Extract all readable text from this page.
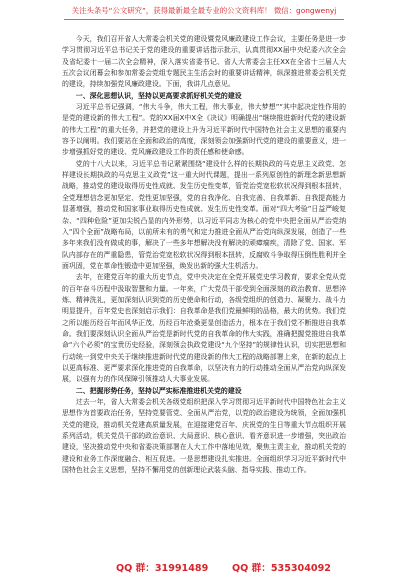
关注头条号“公文研究”，获得最新最全最专业的公文资料库！ 微信：gongwenyj

今天，我们召开省人大常委会机关党的建设暨党风廉政建设工作会议，主要任务是进一步学习贯彻习近平总书记关于党的建设的重要讲话指示批示，认真贯彻XX届中央纪委六次全会及省纪委十一届二次全会精神，深入落实省委书记、省人大常委会主任XX在全省十三届人大五次会议闭幕会和参加常委会党组专题民主生活会时的重要讲话精神，纵深推进常委会机关党的建设，持续加强党风廉政建设。下面，我讲几点意见。

一、深化思想认识，坚持以更高要求抓好机关党的建设

习近平总书记强调，“伟大斗争，伟大工程，伟大事业，伟大梦想”“其中起决定性作用的是党的建设新的伟大工程”。党的XX届X中X全《决议》明确提出“继续推进新时代党的建设新的伟大工程”的重大任务，并把党的建设上升为习近平新时代中国特色社会主义思想的重要内容予以阐明。我们要站在全面和政治的高度，深刻领会加强新时代党的建设的重要意义，进一步增强抓好党的建设、党风廉政建设工作的责任感和使命感。

党的十八大以来，习近平总书记紧紧围绕“建设什么样的长期执政的马克思主义政党、怎样建设长期执政的马克思主义政党”这一重大时代课题，提出一系列原创性的新理念新思想新战略，推动党的建设取得历史性成就、发生历史性变革，管党治党宽松软状况得到根本扭转，全党理想信念更加坚定、党性更加坚强，党的自我净化、自我完善、自我革新、自我提高能力显著增强，推动党和国家事业取得历史性成就、发生历史性变革。面对“四大考验”日益严峻复杂、“四种危险”更加尖锐凸显的内外形势，以习近平同志为核心的党中央把全面从严治党纳入“四个全面”战略布局，以前所未有的勇气和定力推进全面从严治党向纵深发展，创造了一些多年来我们没有做成的事，解决了一些多年想解决没有解决的顽瘴痼疾，清除了党、国家、军队内部存在的严重隐患，管党治党宽松软状况得到根本扭转，反腐败斗争取得压倒性胜利并全面巩固，党在革命性锻造中更加坚强，焕发出新的强大生机活力。

去年，在建党百年的重大历史节点，党中央决定在全党开展党史学习教育，要求全党从党的百年奋斗历程中汲取智慧和力量。一年来，广大党员干部受到全面深刻的政治教育、思想淬炼、精神洗礼，更加深刻认识到党的历史使命和行动，各级党组织的创造力、凝聚力、战斗力明显提升，百年党史也深刻启示我们：自我革命是我们党最鲜明的品格，最大的优势。我们党之所以能历经百年而风华正茂、历经百年沧桑更显创造活力，根本在于我们党不断推进自我革命。我们要深刻认识全面从严治党是新时代党的自我革命的伟大实践，准确把握党推进自我革命“六个必须”的宝贵历史经验，深刻领会执政党建设“九个坚持”的规律性认识，切实把思想和行动统一到党中央关于继续推进新时代党的建设新的伟大工程的战略部署上来，在新的起点上以更高标准、更严要求深化推进党的自我革命，以坚决有力的行动推动全面从严治党向纵深发展，以强有力的作风保障引领推动人大事业发展。

二、把握形势任务，坚持以严实标准推进机关党的建设

过去一年，省人大常委会机关各级党组织把深入学习贯彻习近平新时代中国特色社会主义思想作为首要政治任务，坚持党要管党、全面从严治党，以党的政治建设为统领，全面加强机关党的建设，推动机关党建高质量发展，在迎接建党百年、庆祝党的生日等重大节点组织开展系列活动，机关党员干部的政治意识、大局意识、核心意识、看齐意识进一步增强，突出政治建设，坚决推动党中央和省委决策部署在人大工作中落地见效，聚焦主责主业，推动机关党的建设和业务工作深度融合、相互促进。一是思想建设扎实推进。全面组织学习习近平新时代中国特色社会主义思想，坚持不懈用党的创新理论武装头脑、指导实践、推动工作。

QQ 群：31991489 QQ 群：535304092
